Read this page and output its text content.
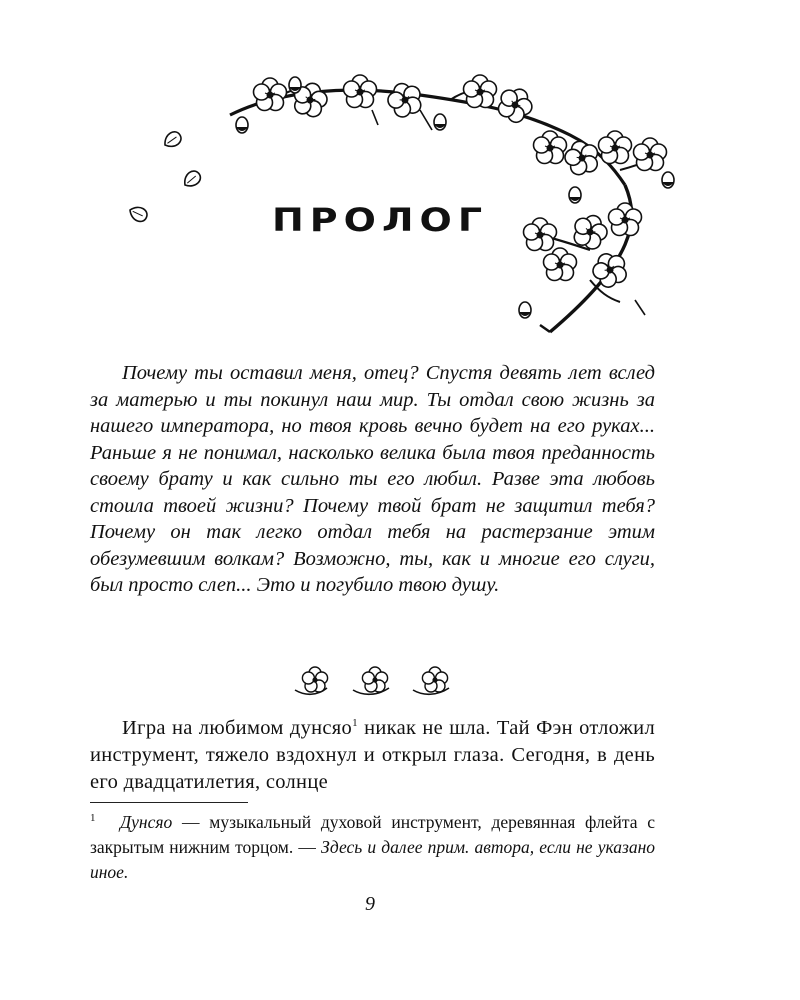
ПРОЛОГ

Почему ты оставил меня, отец? Спустя девять лет вслед за матерью и ты покинул наш мир. Ты отдал свою жизнь за нашего императора, но твоя кровь вечно будет на его руках... Раньше я не понимал, насколько велика была твоя преданность своему брату и как сильно ты его любил. Разве эта любовь стоила твоей жизни? Почему твой брат не защитил тебя? Почему он так легко отдал тебя на растерзание этим обезумевшим волкам? Возможно, ты, как и многие его слуги, был просто слеп... Это и погубило твою душу.

Игра на любимом дунсяо$^1$ никак не шла. Тай Фэн отложил инструмент, тяжело вздохнул и открыл глаза. Сегодня, в день его двадцатилетия, солнце

1 Дунсяо — музыкальный духовой инструмент, деревянная флейта с закрытым нижним торцом. — Здесь и далее прим. автора, если не указано иное.

9
